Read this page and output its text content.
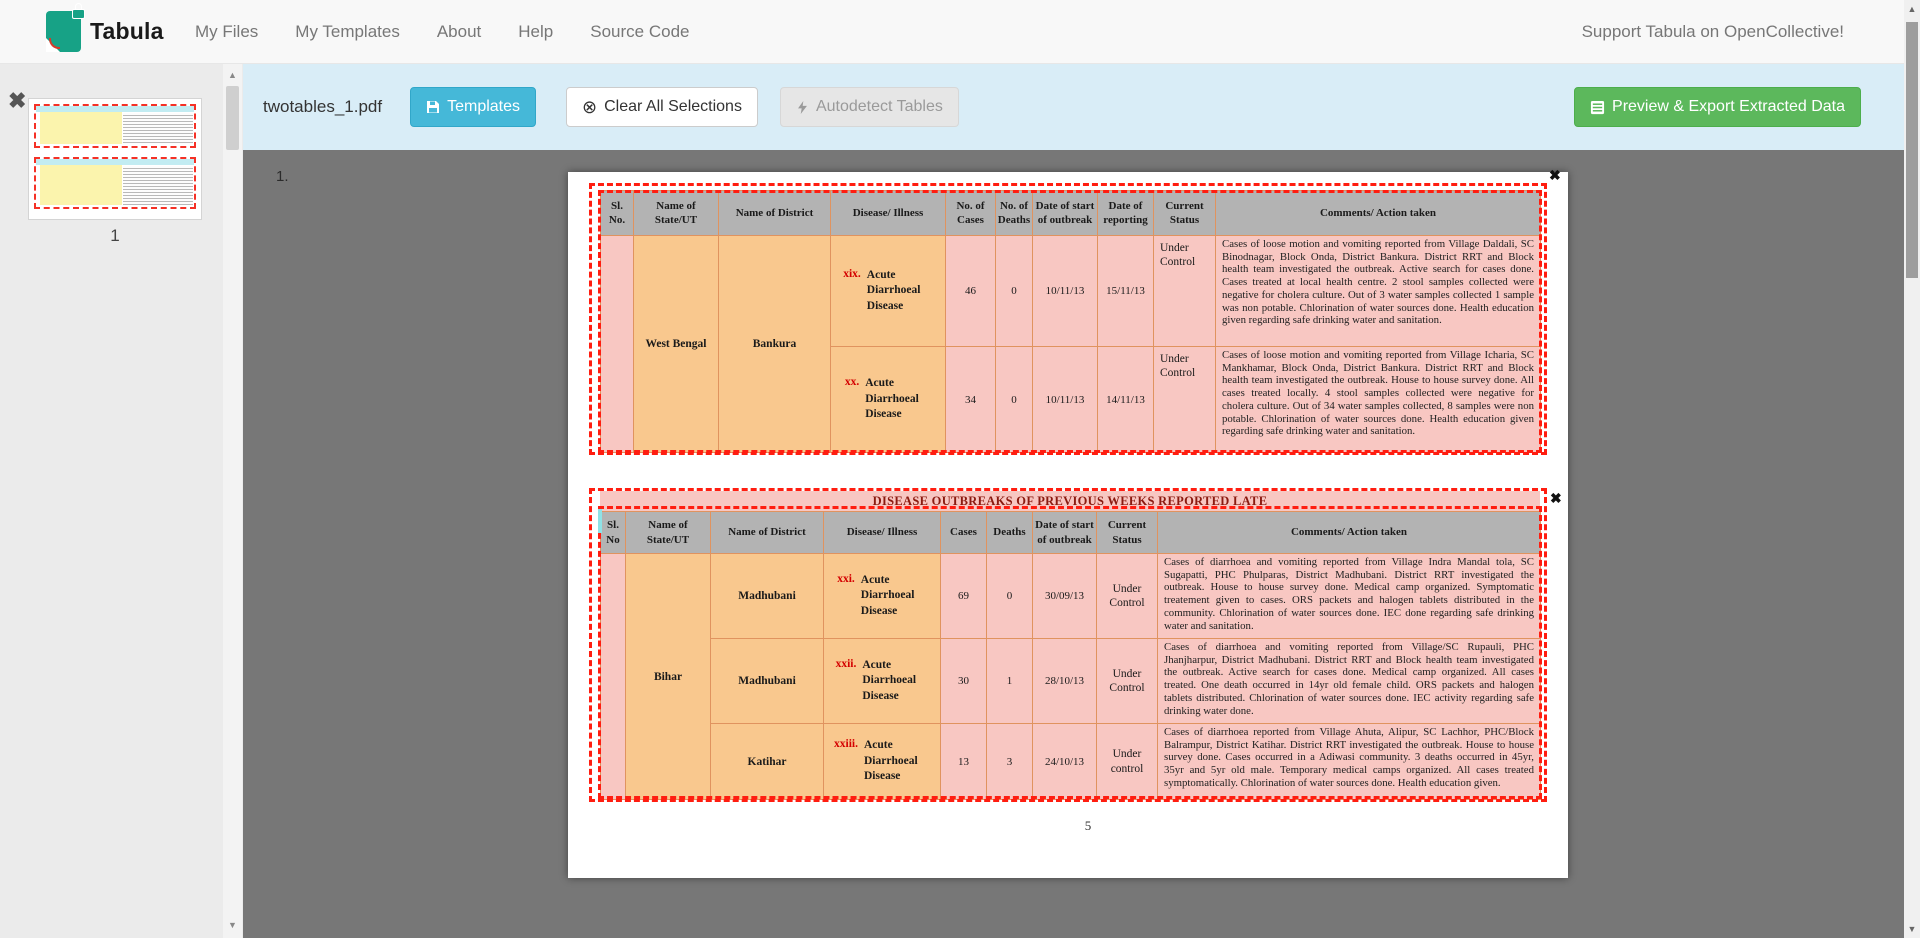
Tabula My Files My Templates About Help Source Code	Support Tabula on OpenCollective!
twotables_1.pdf	Templates	⊗ Clear All Selections	Autodetect Tables	Preview & Export Extracted Data
✖
1
▲
▼
1.
Sl. No.	Name of State/UT	Name of District	Disease/ Illness	No. of Cases	No. of Deaths	Date of start of outbreak	Date of reporting	Current Status	Comments/ Action taken
	West Bengal	Bankura	xix. Acute Diarrhoeal Disease	46	0	10/11/13	15/11/13	Under Control	Cases of loose motion and vomiting reported from Village Daldali, SC Binodnagar, Block Onda, District Bankura. District RRT and Block health team investigated the outbreak. Active search for cases done. Cases treated at local health centre. 2 stool samples collected were negative for cholera culture. Out of 3 water samples collected 1 sample was non potable. Chlorination of water sources done. Health education given regarding safe drinking water and sanitation.

			xx. Acute Diarrhoeal Disease	34	0	10/11/13	14/11/13	Under Control	Cases of loose motion and vomiting reported from Village Icharia, SC Mankhamar, Block Onda, District Bankura. District RRT and Block health team investigated the outbreak. House to house survey done. All cases treated locally. 4 stool samples collected were negative for cholera culture. Out of 34 water samples collected, 8 samples were non potable. Chlorination of water sources done. Health education given regarding safe drinking water and sanitation.
DISEASE OUTBREAKS OF PREVIOUS WEEKS REPORTED LATE
Sl. No	Name of State/UT	Name of District	Disease/ Illness	Cases	Deaths	Date of start of outbreak	Current Status	Comments/ Action taken
	Bihar	Madhubani	xxi. Acute Diarrhoeal Disease	69	0	30/09/13	Under Control	Cases of diarrhoea and vomiting reported from Village Indra Mandal tola, SC Sugapatti, PHC Phulparas, District Madhubani. District RRT investigated the outbreak. House to house survey done. Medical camp organized. Symptomatic treatement given to cases. ORS packets and halogen tablets distributed in the community. Chlorination of water sources done. IEC done regarding safe drinking water and sanitation.

		Madhubani	xxii. Acute Diarrhoeal Disease	30	1	28/10/13	Under Control	Cases of diarrhoea and vomiting reported from Village/SC Rupauli, PHC Jhanjharpur, District Madhubani. District RRT and Block health team investigated the outbreak. Active search for cases done. Medical camp organized. All cases treated. One death occurred in 14yr old female child. ORS packets and halogen tablets distributed. Chlorination of water sources done. IEC activity regarding safe drinking water done.

		Katihar	xxiii. Acute Diarrhoeal Disease	13	3	24/10/13	Under control	Cases of diarrhoea reported from Village Ahuta, Alipur, SC Lachhor, PHC/Block Balrampur, District Katihar. District RRT investigated the outbreak. House to house survey done. Cases occurred in a Adiwasi community. 3 deaths occurred in 45yr, 35yr and 5yr old male. Temporary medical camps organized. All cases treated symptomatically. Chlorination of water sources done. Health education given.
✖
✖
5
▲
▼
